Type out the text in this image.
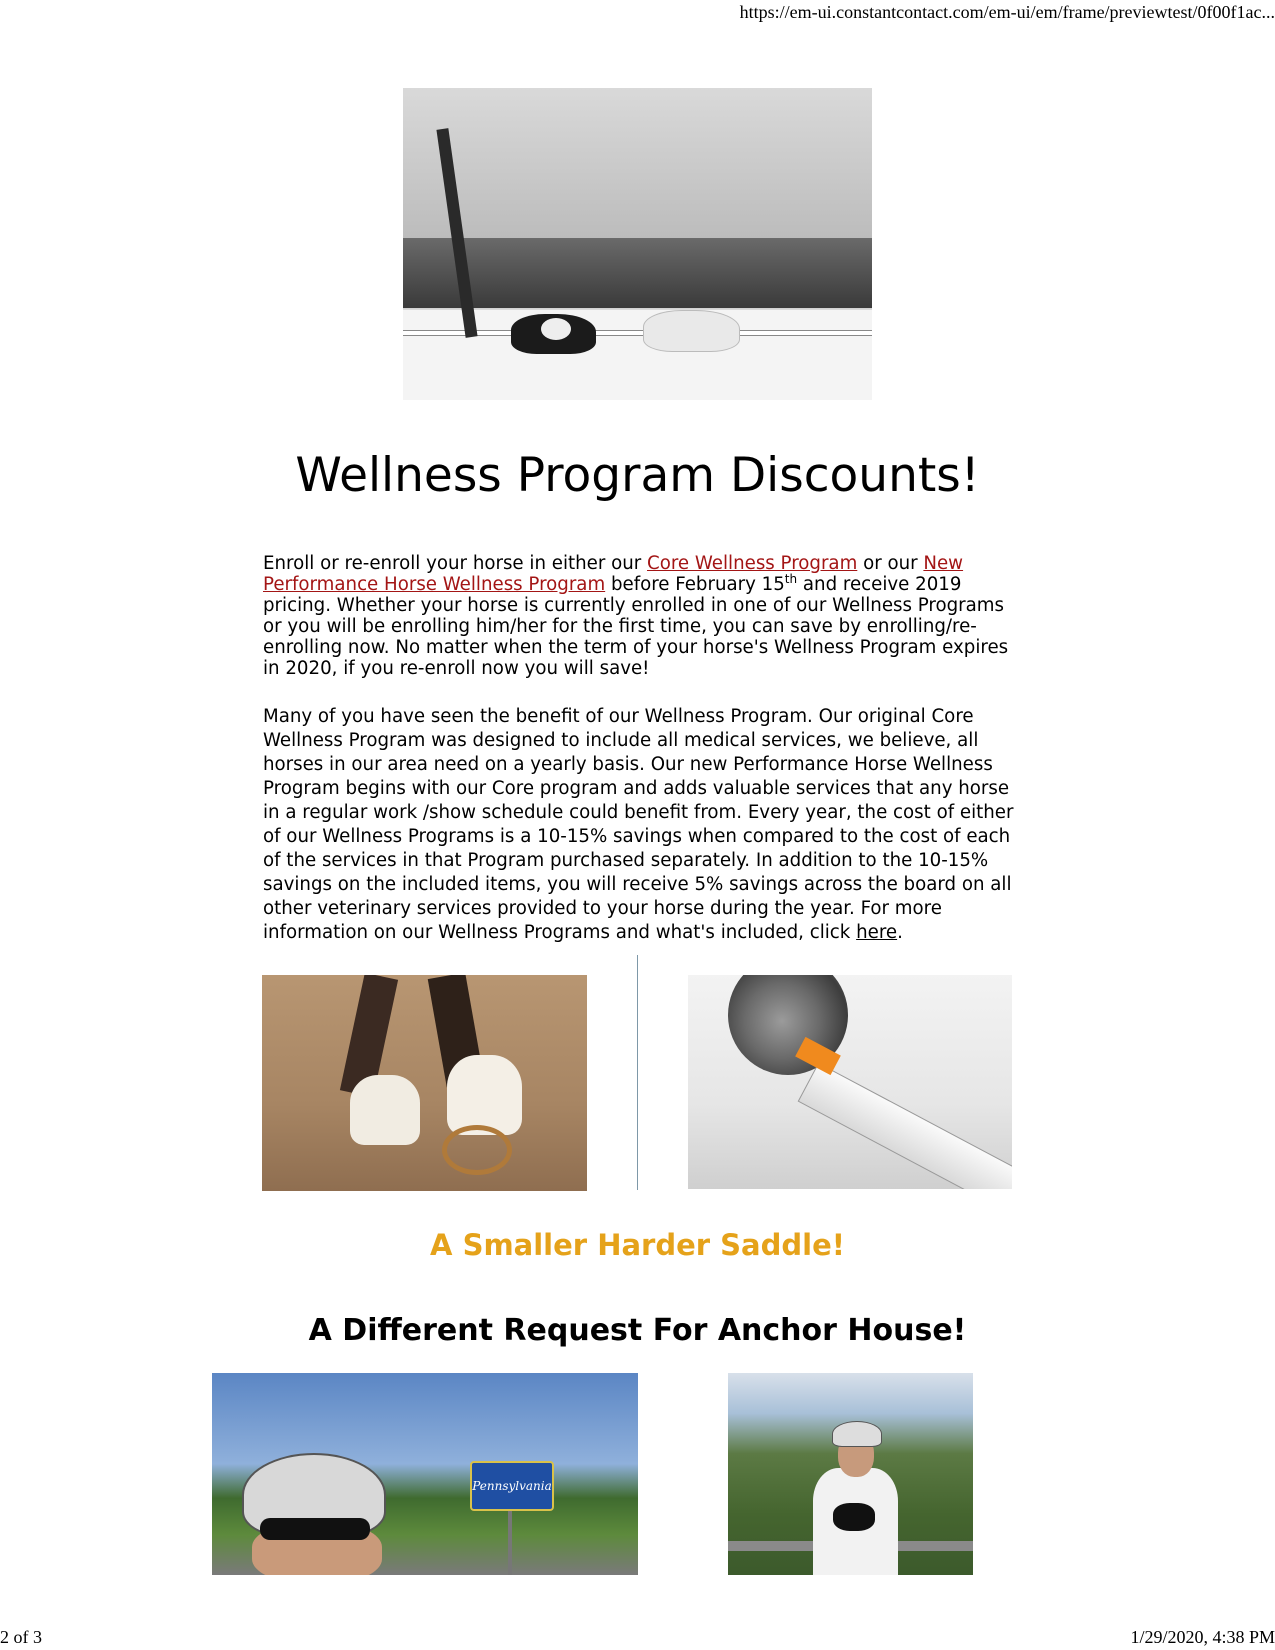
https://em-ui.constantcontact.com/em-ui/em/frame/previewtest/0f00f1ac...
Wellness Program Discounts!
Enroll or re-enroll your horse in either our Core Wellness Program or our New Performance Horse Wellness Program before February 15th and receive 2019 pricing. Whether your horse is currently enrolled in one of our Wellness Programs or you will be enrolling him/her for the first time, you can save by enrolling/re-enrolling now. No matter when the term of your horse's Wellness Program expires in 2020, if you re-enroll now you will save!
Many of you have seen the benefit of our Wellness Program. Our original Core Wellness Program was designed to include all medical services, we believe, all horses in our area need on a yearly basis. Our new Performance Horse Wellness Program begins with our Core program and adds valuable services that any horse in a regular work /show schedule could benefit from. Every year, the cost of either of our Wellness Programs is a 10-15% savings when compared to the cost of each of the services in that Program purchased separately. In addition to the 10-15% savings on the included items, you will receive 5% savings across the board on all other veterinary services provided to your horse during the year. For more information on our Wellness Programs and what's included, click here.
A Smaller Harder Saddle!
A Different Request For Anchor House!
Pennsylvania
2 of 3	1/29/2020, 4:38 PM
